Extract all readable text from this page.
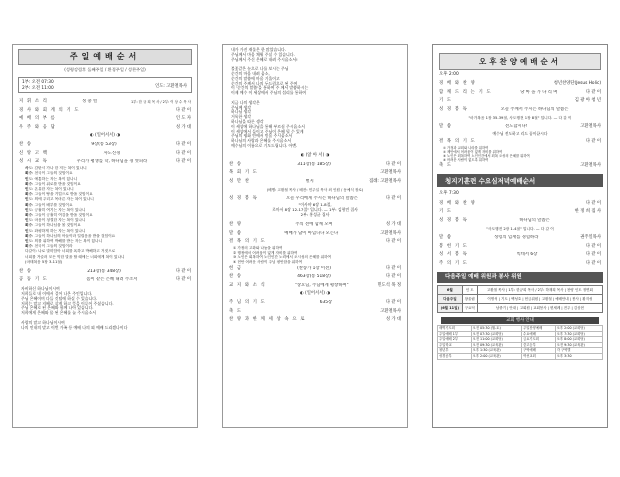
주일예배순서
(성령강림후 둘째주일 / 환경주일 / 성찬주일)
1부: 오전 07:30
2부: 오전 11:00	인도: 고환철목사
지 휘 소 리	정 충 렬	1부: 한 규 희 목 사 / 2부: 이 상 수 목 사
경 사 와 회 계 의 기 도	다 같 이
예 배 의 부 름	인 도 자
우 주 와 응 답	성 가 대
◐ (일어서서) ◑
찬 송	9장(통 53장)	다 같 이
신 앙 고 백	사도신경	다 같 이
성 시 교 독	우리가 평생를 학, 하나님을 경 얏피라	다 같 이
사도: 감탄시 가나 한 저는 복이 있나니
회중: 천국이 그들의 것임이요
인도: 애통하는 자는 복이 있나니
회중: 그들이 위로를 받을 것임이요
인도: 온유한 자는 복이 있나니
회중: 그들이 땅을 기업으로 받을 것임이요
인도: 의에 주리고 목마른 자는 복이 있나니
회중: 그들이 배부를 것임이요
인도: 긍휼히 여기는 자는 복이 있나니
회중: 그들이 긍휼히 여김을 받을 것임이요
인도: 마음이 청결한 자는 복이 있나니
회중: 그들이 하나님을 볼 것임이요
인도: 화평하게 하는 자는 복이 있나니
회중: 그들이 하나님의 아들이라 일컬음을 받을 것임이요
인도: 의를 위하여 박해를 받는 자는 복이 있나니
회중: 천국이 그들의 것임이라
다같이: 나로 말미암아 너희를 욕하고 박해하고 거짓으로
너희를 거슬러 모든 악한 말을 할 때에는 너희에게 복이 있나니
(마태복음 5장 3-11절)
찬 송	213장(통 348장)	다 같 이
공 동 기 도	몸이 같은 은혜 내려 주소서	다 같 이
자비하신 하나님이시여
저희들로 내 이에서 걸어 나온 주인입니다.
주님 은혜이며 다들 깃털에 하실 수 있습니다.
저희는 말고 지혜로 살게 하고 뜻을 이루어 주셨습니다.
주님 은혜로 된 은혜와 함께 나아 있습니다.
저희에게 은혜와 몸 된 은혜를 늘 주시옵소서

사랑의 말고 하나님이시여
나의 인내의 말고 이번 가족 등 예배 나의 외 예배 드리겠나이다
내가 가진 재물은 한 많았습니다.
주님께서 마음 채워 주실 수 있습니다.
주님께서 주신 은혜로 내려 주시옵소서!

불꽃같은 눈으로 나를 보시는 주님
순간의 마음 내려 옵소,
순간의 말씀에 마음 기울이고
순간의 주께서 나의 두드림으로 된 주여
이 '순간의 말씀'을 통하여 주 께서 말씀하시는
이제 예수 이 세상에서 주님의 섭리를 통하여

지금 나의 생각은
주님께 생각
하나님 생각
거룩한 생각
하나님을 따른 생각
이 세상에 하나님을 통해 부르심 주시옵소서
이 세상에서 들이고 주님이 은혜 될 수 있게
주님의 평화 안에서 믿음 주시옵소서
하나님의 사랑과 은혜를 주시옵소서
예수님의 이름으로 기도드립니다. 아멘.
◐ (앉 아 서) ◑
찬 송	311장(통 185장)	다 같 이
목 회 기 도	고환철목사
성 만 찬	별지	집례: 고환철목사
(배병: 고환철 목사 / 배잔: 민주일 목사 외 인원 / 동예식 장로)
성 경 봉 독	오늘 우리에게 주시는 하나님의 말씀은	다 같 이
"이사야 6장 1-8절,
로마서 8장 12-17절" 입니다. — 1부: 김형민 집사
2부: 홍성균 집사
찬 양	주의 전에 함께 모여	성 가 대
말 씀	예배가 답이 아닙니다 모든다	고환철목사
결 목 의 기 도	다 같 이
① 가정의 고화와 나눔을 위하여
② 행정에서 어려움이 없게 자비를 위하여
③ 노인은 회복하여 노인인간 노력에서 오시성의 은혜를 위하여
④ 현안 어려운 사람이 주님 평안함을 위하여
헌 금	(찬송가 1장 이전)	다 같 이
찬 송	463장(통 518장)	다 같 이
교 지 와 소 식	"상요님, 주님에게 평창하여"	민도석 목 정
◐ (일어서서) ◑
주 님 의 기 도	635장	다 같 이
축 도	고환철목사
찬 양 과 한 께 세 상 속 으 로	성 가 대
오후찬양예배순서
오후 2:00
경 배 와 찬 양	청년찬양단(Jesus Holic)
함 께 드 리 는 기 도	당 마 을 가 다 리 며	다 같 이
기 도	김 광 아 청 년
성 경 봉 독	오늘 주께서 주시는 하나님의 말씀은
"마가복음 1장 35-39절, 사도행전 1장 8절" 입니다. — 다 같 이
말 씀	전도합시다!	고환철목사
예수님 전도하고 리드 꿈이끝시다
결 목 의 기 도	다 같 이
① 가정과 교회와 나라를 위하여
② 제안에서 어려움이 없게 자비를 위하여
③ 노인은 회복하여 노인인간에서 회복 오성의 은혜를 위하여
④ 어려운 사람이 없도록 위하여
축 도	고환철목사
청지기훈련 수요심저녁예배순서
오후 7:30
경 배 와 찬 양	다 같 이
기 도	한 정 희 집 사
성 경 봉 독	하나님의 말씀은
"사도행전 2장 1-4절" 입니다. — 다 같 이
말 씀	성령의 임재를 경험하라	권주일목사
봉 헌 기 도	다 같 이
성 서 봉 독	빅데서 6장	다 같 이
주 의 기 도	다 같 이
다음주일 예배 위원과 봉사 위원
6월	인 도	고환철 목사 | 1부: 한규희 목사 / 2부: 하재희 목사 | 찬양 인도 정면회
다음주일	창울림	이명석 | 기도 | 백성호 | 헌금위원 | 고환철 | 예배안내 | 봉사 | 황지성
(6월 11일)	구요덕	남중기 | 안내 | 고회원 | 교회봉사 | 변세례 | 전주 | 김상현
교회 행사 안내
새벽기도회	오전 05:30 (월-토)	주일찬양예배	오후 2:00 (교회당)
주일예배 1부	오전 07:30 (교회당)	수요예배	오후 7:30 (교회당)
주일예배 2부	오전 11:00 (교회당)	금요기도회	오후 8:00 (교회당)
주일학교	오전 09:30 (교육관)	중고등부	오전 9:30 (교육관)
청년부	오후 1:30 (교육관)	구역예배	각 구역별
성경공부	오후 2:00 (교육관)	여선교회	오후 3:30
